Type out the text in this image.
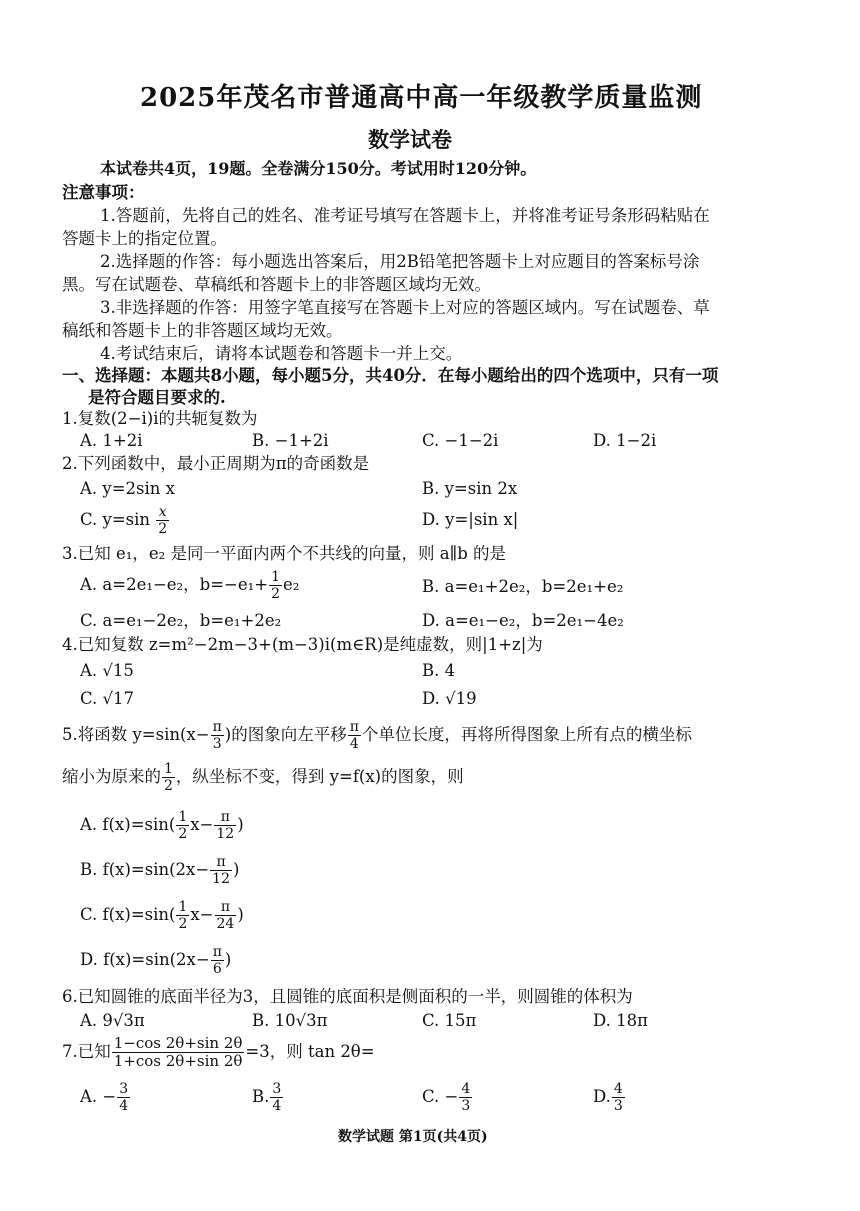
2025年茂名市普通高中高一年级教学质量监测
数学试卷
本试卷共4页，19题。全卷满分150分。考试用时120分钟。
注意事项：
1.答题前，先将自己的姓名、准考证号填写在答题卡上，并将准考证号条形码粘贴在
答题卡上的指定位置。
2.选择题的作答：每小题选出答案后，用2B铅笔把答题卡上对应题目的答案标号涂
黑。写在试题卷、草稿纸和答题卡上的非答题区域均无效。
3.非选择题的作答：用签字笔直接写在答题卡上对应的答题区域内。写在试题卷、草
稿纸和答题卡上的非答题区域均无效。
4.考试结束后，请将本试题卷和答题卡一并上交。
一、选择题：本题共8小题，每小题5分，共40分．在每小题给出的四个选项中，只有一项
是符合题目要求的.
1.复数(2−i)i的共轭复数为
A. 1+2i	B. −1+2i	C. −1−2i	D. 1−2i
2.下列函数中，最小正周期为π的奇函数是
A. y=2sin x	B. y=sin 2x
C. $y=\sin \frac{x}{2}$	D. y=|sin x|
3.已知 e₁，e₂ 是同一平面内两个不共线的向量，则 a∥b 的是
A. a=2e₁−e₂，$b=-e_1+ \frac{1}{2} e_2$	B. a=e₁+2e₂，b=2e₁+e₂
C. a=e₁−2e₂，b=e₁+2e₂	D. a=e₁−e₂，b=2e₁−4e₂
4.已知复数 z=m²−2m−3+(m−3)i(m∈R)是纯虚数，则|1+z|为
A. √15	B. 4
C. √17	D. √19
5.将函数 $y=\sin(x- \frac{\pi}{3}$ )的图象向左平移 $\frac{\pi}{4}$ 个单位长度，再将所得图象上所有点的横坐标
缩小为原来的 $\frac{1}{2}$ ，纵坐标不变，得到 y=f(x)的图象，则
A. $f(x)=\sin( \frac{1}{2} x- \frac{\pi}{12}$ )
B. $f(x)=\sin(2x- \frac{\pi}{12}$ )
C. $f(x)=\sin( \frac{1}{2} x- \frac{\pi}{24}$ )
D. $f(x)=\sin(2x- \frac{\pi}{6}$ )
6.已知圆锥的底面半径为3，且圆锥的底面积是侧面积的一半，则圆锥的体积为
A. 9√3π	B. 10√3π	C. 15π	D. 18π
7.已知 $\frac{1-\cos 2\theta+\sin 2\theta}{1+\cos 2\theta+\sin 2\theta} =3$，则 tan 2θ=
A. − $\frac{3}{4}$	B. $\frac{3}{4}$	C. − $\frac{4}{3}$	D. $\frac{4}{3}$
数学试题 第1页(共4页)
